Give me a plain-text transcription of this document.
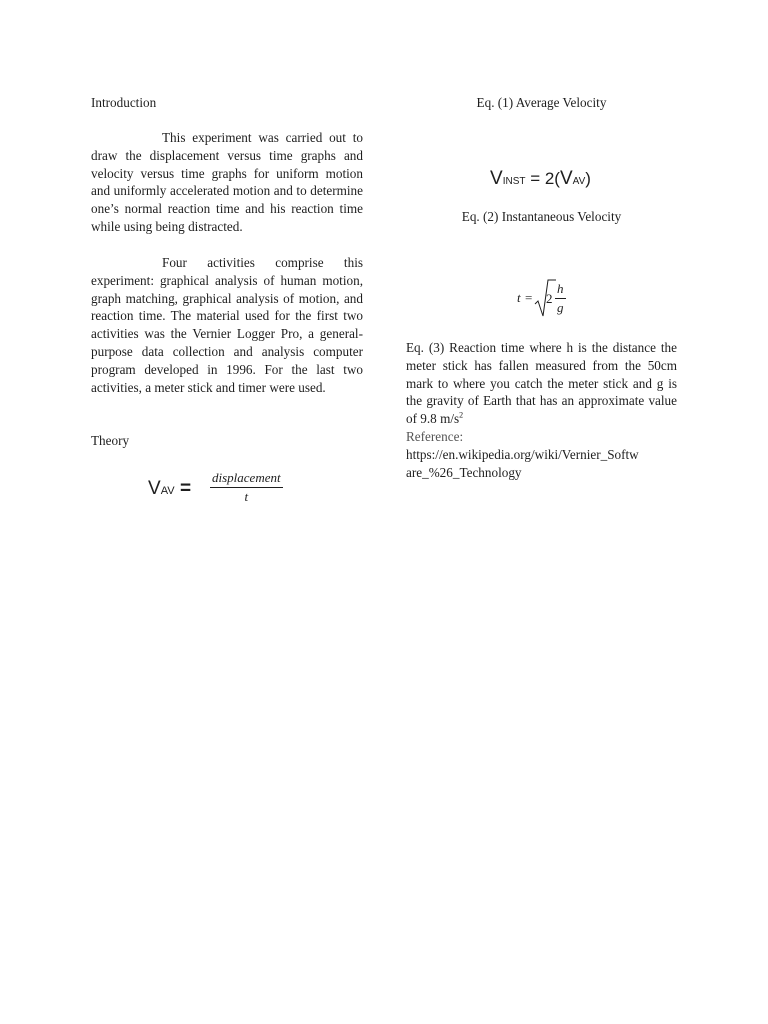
Introduction
This experiment was carried out to draw the displacement versus time graphs and velocity versus time graphs for uniform motion and uniformly accelerated motion and to determine one’s normal reaction time and his reaction time while using being distracted.
Four activities comprise this experiment: graphical analysis of human motion, graph matching, graphical analysis of motion, and reaction time. The material used for the first two activities was the Vernier Logger Pro, a general-purpose data collection and analysis computer program developed in 1996. For the last two activities, a meter stick and timer were used.
Theory
VAV = $\frac{\text{displacement}}{t}$
Eq. (1) Average Velocity
VINST = 2(VAV)
Eq. (2) Instantaneous Velocity
$t = 2 \frac{h}{g}$
Eq. (3) Reaction time where h is the distance the meter stick has fallen measured from the 50cm mark to where you catch the meter stick and g is the gravity of Earth that has an approximate value of 9.8 $m/s^2$
Reference:
https://en.wikipedia.org/wiki/Vernier_Softw
are_%26_Technology
